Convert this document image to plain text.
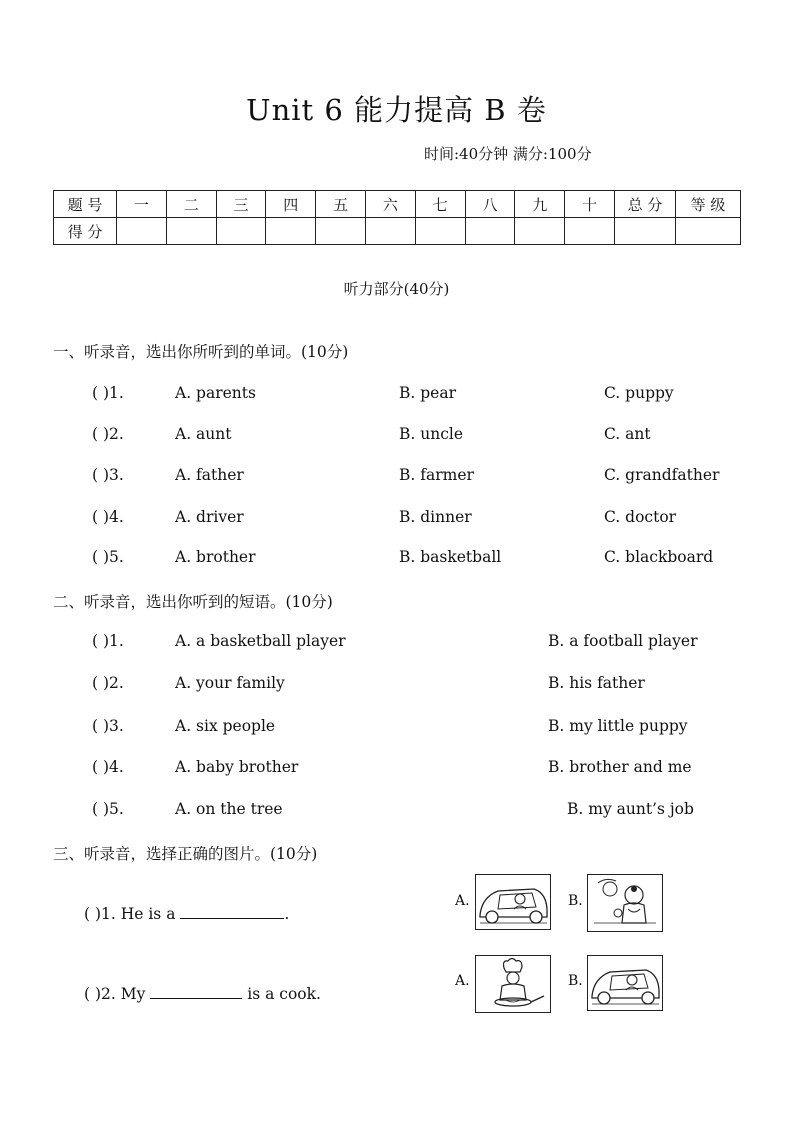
Unit 6 能力提高 B 卷
时间:40分钟 满分:100分
题 号	一	二	三	四	五	六	七	八	九	十	总 分	等 级
得 分												
听力部分(40分)
一、听录音，选出你所听到的单词。(10分)
( )1.	A. parents	B. pear	C. puppy
( )2.	A. aunt	B. uncle	C. ant
( )3.	A. father	B. farmer	C. grandfather
( )4.	A. driver	B. dinner	C. doctor
( )5.	A. brother	B. basketball	C. blackboard
二、听录音，选出你听到的短语。(10分)
( )1.	A. a basketball player	B. a football player
( )2.	A. your family	B. his father
( )3.	A. six people	B. my little puppy
( )4.	A. baby brother	B. brother and me
( )5.	A. on the tree	B. my aunt’s job
三、听录音，选择正确的图片。(10分)
( )1. He is a	.
( )2. My	is a cook.
A.	B.
A.	B.
